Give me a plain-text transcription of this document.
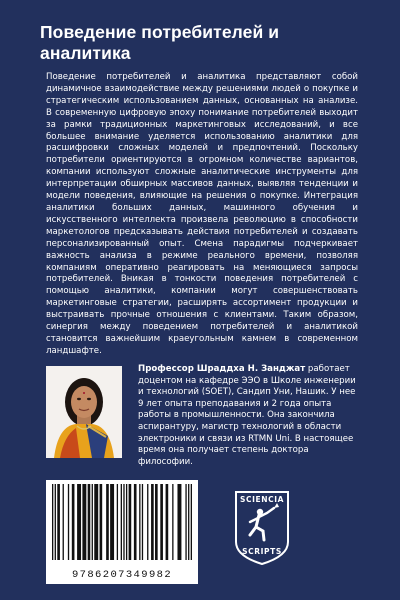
Поведение потребителей и аналитика

Поведение потребителей и аналитика представляют собой динамичное взаимодействие между решениями людей о покупке и стратегическим использованием данных, основанных на анализе. В современную цифровую эпоху понимание потребителей выходит за рамки традиционных маркетинговых исследований, и все большее внимание уделяется использованию аналитики для расшифровки сложных моделей и предпочтений. Поскольку потребители ориентируются в огромном количестве вариантов, компании используют сложные аналитические инструменты для интерпретации обширных массивов данных, выявляя тенденции и модели поведения, влияющие на решения о покупке. Интеграция аналитики больших данных, машинного обучения и искусственного интеллекта произвела революцию в способности маркетологов предсказывать действия потребителей и создавать персонализированный опыт. Смена парадигмы подчеркивает важность анализа в режиме реального времени, позволяя компаниям оперативно реагировать на меняющиеся запросы потребителей. Вникая в тонкости поведения потребителей с помощью аналитики, компании могут совершенствовать маркетинговые стратегии, расширять ассортимент продукции и выстраивать прочные отношения с клиентами. Таким образом, синергия между поведением потребителей и аналитикой становится важнейшим краеугольным камнем в современном ландшафте.

Профессор Шраддха Н. Занджат работает доцентом на кафедре ЭЭО в Школе инженерии и технологий (SOET), Сандип Уни, Нашик. У нее 9 лет опыта преподавания и 2 года опыта работы в промышленности. Она закончила аспирантуру, магистр технологий в области электроники и связи из RTMN Uni. В настоящее время она получает степень доктора философии.

9786207349982
SCIENCIA
SCRIPTS
